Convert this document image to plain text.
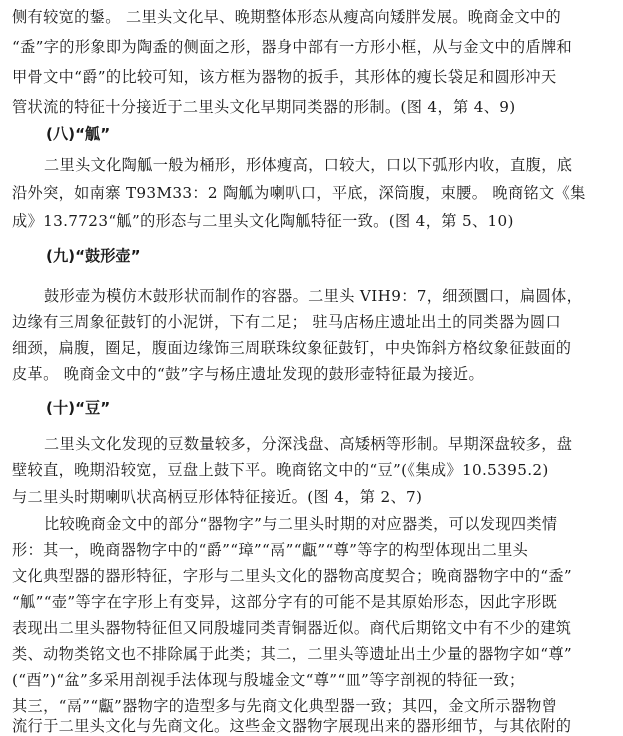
侧有较宽的鋬。 二里头文化早、晚期整体形态从瘦高向矮胖发展。晚商金文中的
“盉”字的形象即为陶盉的侧面之形，器身中部有一方形小框，从与金文中的盾牌和
甲骨文中“爵”的比较可知，该方框为器物的扳手，其形体的瘦长袋足和圆形冲天
管状流的特征十分接近于二里头文化早期同类器的形制。(图 4，第 4、9)
(八)“觚”
二里头文化陶觚一般为桶形，形体瘦高，口较大，口以下弧形内收，直腹，底
沿外突，如南寨 T93M33：2 陶觚为喇叭口，平底，深筒腹，束腰。 晚商铭文《集
成》13.7723“觚”的形态与二里头文化陶觚特征一致。(图 4，第 5、10)
(九)“鼓形壶”
鼓形壶为模仿木鼓形状而制作的容器。二里头 VIH9：7，细颈圜口，扁圆体，
边缘有三周象征鼓钉的小泥饼，下有二足； 驻马店杨庄遗址出土的同类器为圆口
细颈，扁腹，圈足，腹面边缘饰三周联珠纹象征鼓钉，中央饰斜方格纹象征鼓面的
皮革。 晚商金文中的“鼓”字与杨庄遗址发现的鼓形壶特征最为接近。
(十)“豆”
二里头文化发现的豆数量较多，分深浅盘、高矮柄等形制。早期深盘较多，盘
壁较直，晚期沿较宽，豆盘上鼓下平。晚商铭文中的“豆”(《集成》10.5395.2)
与二里头时期喇叭状高柄豆形体特征接近。(图 4，第 2、7)
比较晚商金文中的部分“器物字”与二里头时期的对应器类，可以发现四类情
形：其一，晚商器物字中的“爵”“璋”“鬲”“甗”“尊”等字的构型体现出二里头
文化典型器的器形特征，字形与二里头文化的器物高度契合；晚商器物字中的“盉”
“觚”“壶”等字在字形上有变异，这部分字有的可能不是其原始形态，因此字形既
表现出二里头器物特征但又同殷墟同类青铜器近似。商代后期铭文中有不少的建筑
类、动物类铭文也不排除属于此类；其二，二里头等遗址出土少量的器物字如“尊”
(“酉”)“盆”多采用剖视手法体现与殷墟金文“尊”“皿”等字剖视的特征一致；
其三，“鬲”“甗”器物字的造型多与先商文化典型器一致；其四，金文所示器物曾
流行于二里头文化与先商文化。这些金文器物字展现出来的器形细节，与其依附的
